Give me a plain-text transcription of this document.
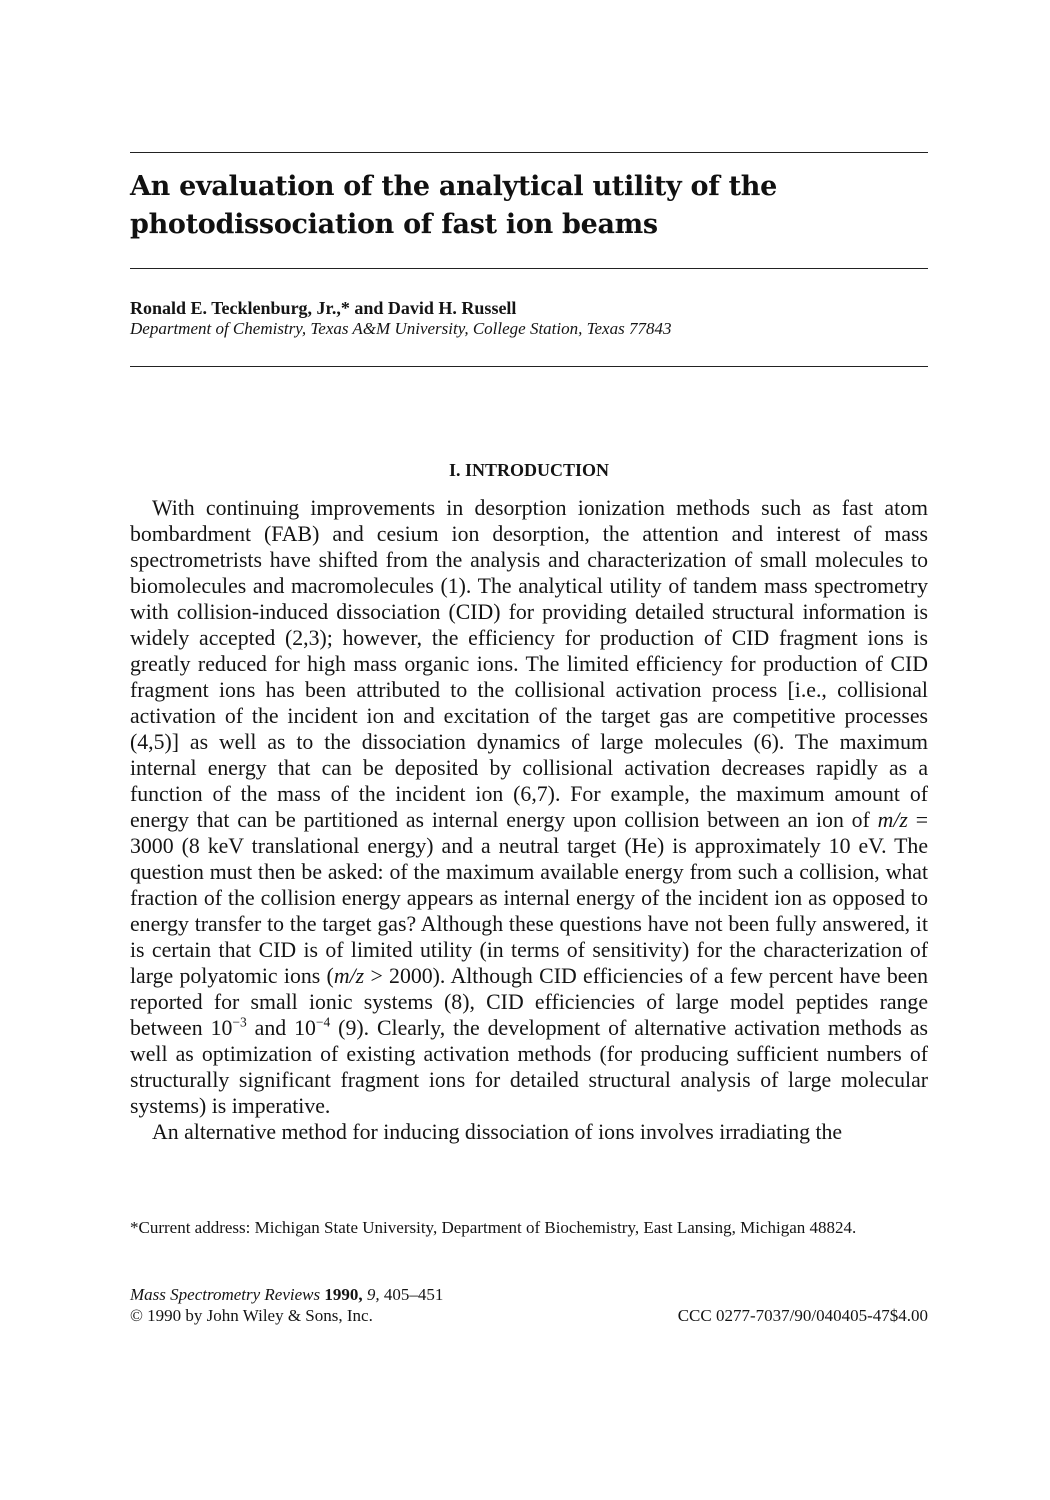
An evaluation of the analytical utility of the photodissociation of fast ion beams
Ronald E. Tecklenburg, Jr.,* and David H. Russell
Department of Chemistry, Texas A&M University, College Station, Texas 77843
I. INTRODUCTION

With continuing improvements in desorption ionization methods such as fast atom bombardment (FAB) and cesium ion desorption, the attention and interest of mass spectrometrists have shifted from the analysis and characterization of small molecules to biomolecules and macromolecules (1). The analytical utility of tandem mass spectrometry with collision-induced dissociation (CID) for providing detailed structural information is widely accepted (2,3); however, the efficiency for production of CID fragment ions is greatly reduced for high mass organic ions. The limited efficiency for production of CID fragment ions has been attributed to the collisional activation process [i.e., collisional activation of the incident ion and excitation of the target gas are competitive processes (4,5)] as well as to the dissociation dynamics of large molecules (6). The maximum internal energy that can be deposited by collisional activation decreases rapidly as a function of the mass of the incident ion (6,7). For example, the maximum amount of energy that can be partitioned as internal energy upon collision between an ion of m/z = 3000 (8 keV translational energy) and a neutral target (He) is approximately 10 eV. The question must then be asked: of the maximum available energy from such a collision, what fraction of the collision energy appears as internal energy of the incident ion as opposed to energy transfer to the target gas? Although these questions have not been fully answered, it is certain that CID is of limited utility (in terms of sensitivity) for the characterization of large polyatomic ions (m/z > 2000). Although CID efficiencies of a few percent have been reported for small ionic systems (8), CID efficiencies of large model peptides range between $10^{-3}$ and $10^{-4}$ (9). Clearly, the development of alternative activation methods as well as optimization of existing activation methods (for producing sufficient numbers of structurally significant fragment ions for detailed structural analysis of large molecular systems) is imperative.

An alternative method for inducing dissociation of ions involves irradiating the

*Current address: Michigan State University, Department of Biochemistry, East Lansing, Michigan 48824.
Mass Spectrometry Reviews 1990, 9, 405–451
© 1990 by John Wiley & Sons, Inc.	CCC 0277-7037/90/040405-47$4.00
